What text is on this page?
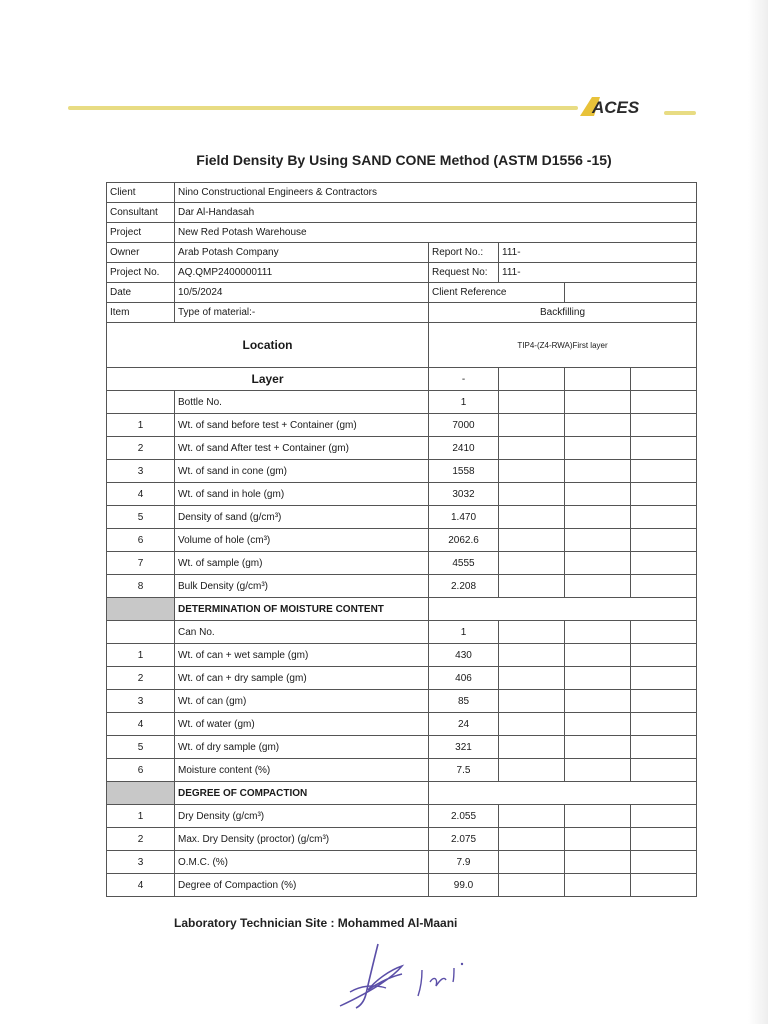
ACES
Field Density By Using SAND CONE Method (ASTM D1556 -15)
Client	Nino Constructional Engineers & Contractors				
Consultant	Dar Al-Handasah				
Project	New Red Potash Warehouse				
Owner	Arab Potash Company	Report No.:	111-		
Project No.	AQ.QMP2400000111	Request No:	111-		
Date	10/5/2024	Client Reference			
Item	Type of material:-	Backfilling			
Location		TIP4-(Z4-RWA)First layer			
Layer		-			
	Bottle No.	1			
1	Wt. of sand before test + Container (gm)	7000			
2	Wt. of sand After test + Container (gm)	2410			
3	Wt. of sand in cone (gm)	1558			
4	Wt. of sand in hole (gm)	3032			
5	Density of sand (g/cm³)	1.470			
6	Volume of hole (cm³)	2062.6			
7	Wt. of sample (gm)	4555			
8	Bulk Density (g/cm³)	2.208			
	DETERMINATION OF MOISTURE CONTENT				
	Can No.	1			
1	Wt. of can + wet sample (gm)	430			
2	Wt. of can + dry sample (gm)	406			
3	Wt. of can (gm)	85			
4	Wt. of water (gm)	24			
5	Wt. of dry sample (gm)	321			
6	Moisture content (%)	7.5			
	DEGREE OF COMPACTION				
1	Dry Density (g/cm³)	2.055			
2	Max. Dry Density (proctor) (g/cm³)	2.075			
3	O.M.C. (%)	7.9			
4	Degree of Compaction (%)	99.0			
Laboratory Technician Site : Mohammed Al-Maani
